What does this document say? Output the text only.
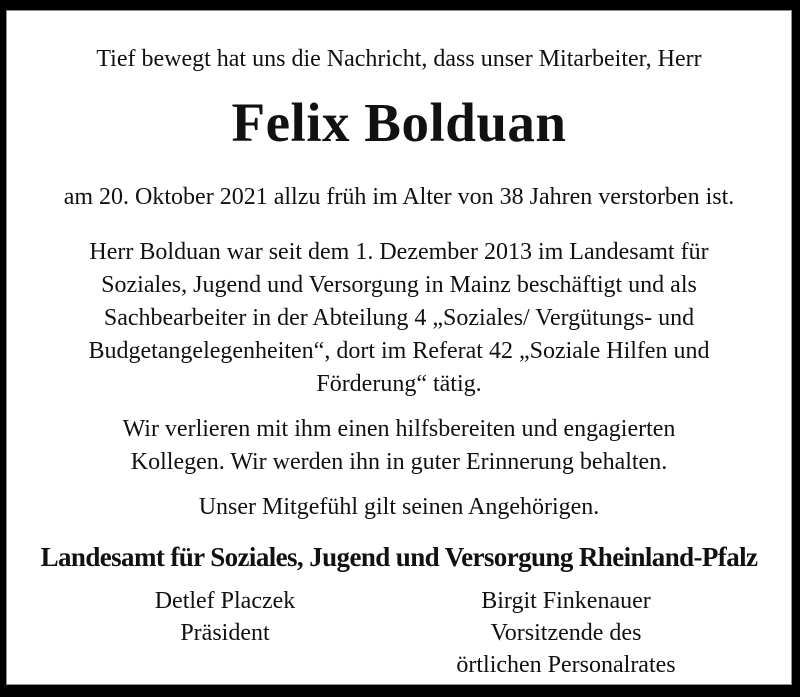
Tief bewegt hat uns die Nachricht, dass unser Mitarbeiter, Herr
Felix Bolduan
am 20. Oktober 2021 allzu früh im Alter von 38 Jahren verstorben ist.
Herr Bolduan war seit dem 1. Dezember 2013 im Landesamt für
Soziales, Jugend und Versorgung in Mainz beschäftigt und als
Sachbearbeiter in der Abteilung 4 „Soziales/ Vergütungs- und
Budgetangelegenheiten“, dort im Referat 42 „Soziale Hilfen und
Förderung“ tätig.
Wir verlieren mit ihm einen hilfsbereiten und engagierten
Kollegen. Wir werden ihn in guter Erinnerung behalten.
Unser Mitgefühl gilt seinen Angehörigen.
Landesamt für Soziales, Jugend und Versorgung Rheinland-Pfalz
Detlef Placzek
Präsident
Birgit Finkenauer
Vorsitzende des
örtlichen Personalrates
